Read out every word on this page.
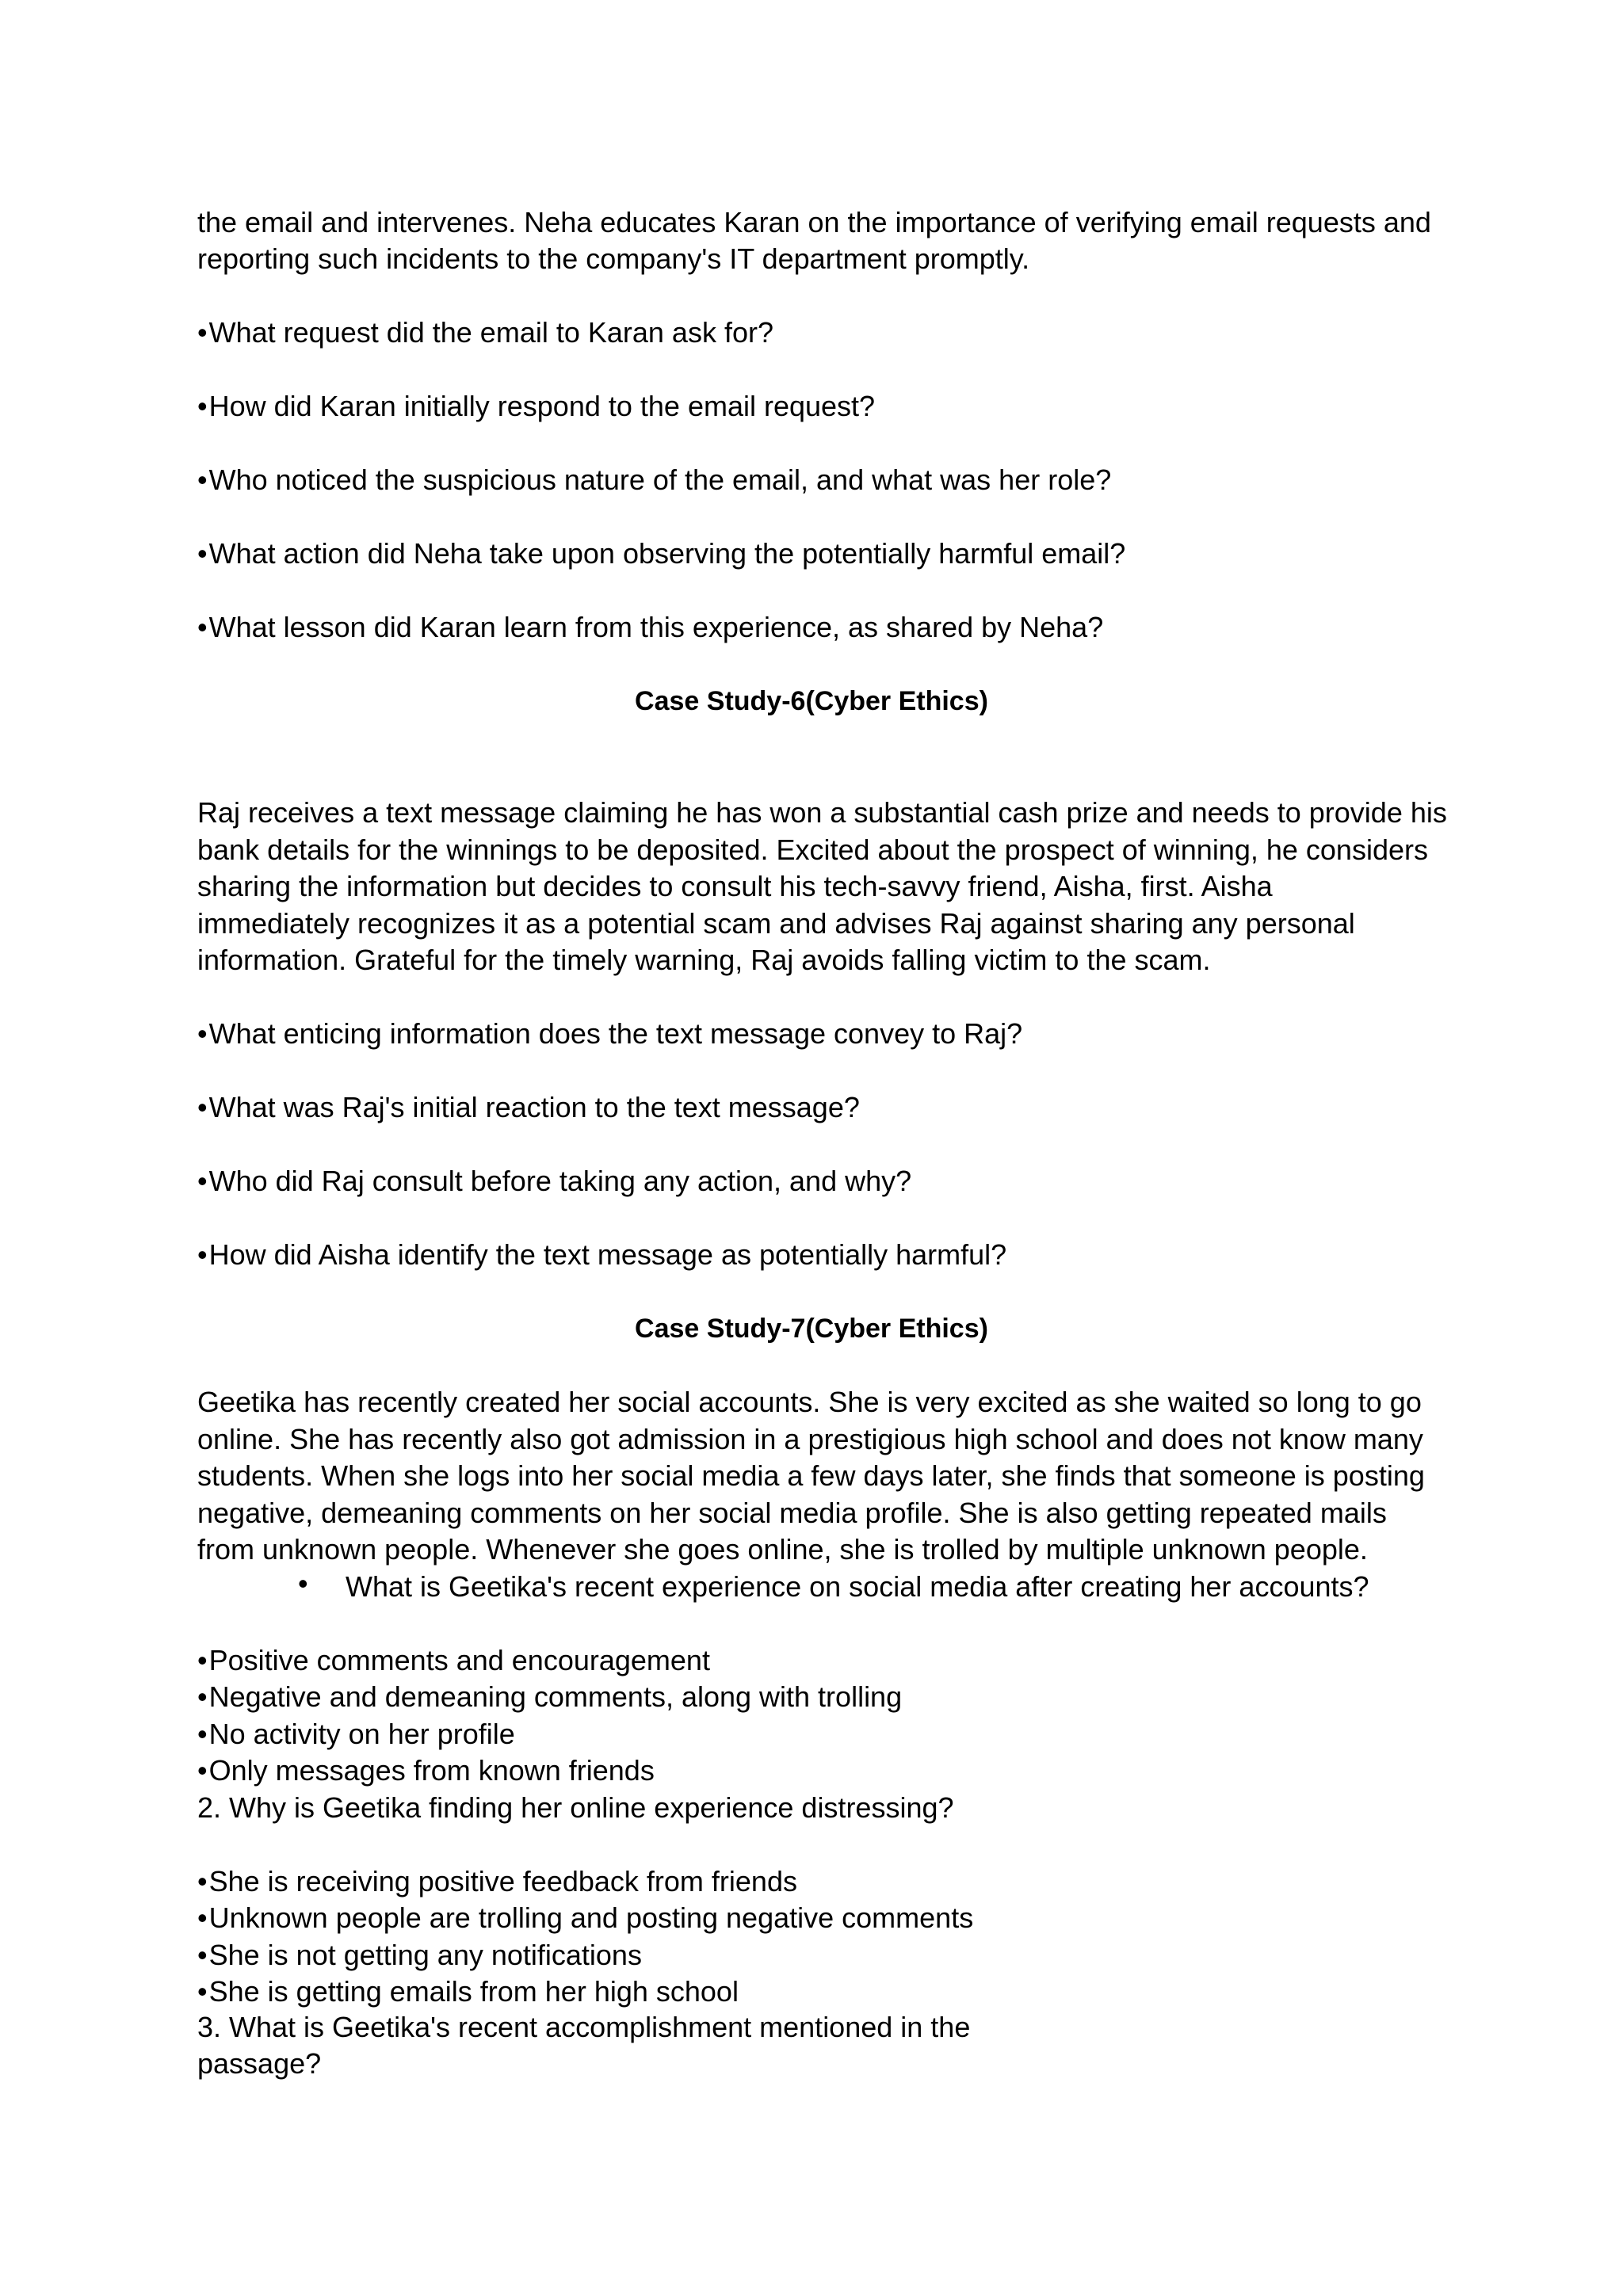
the email and intervenes. Neha educates Karan on the importance of verifying email requests and

reporting such incidents to the company's IT department promptly.

• What request did the email to Karan ask for?

• How did Karan initially respond to the email request?

• Who noticed the suspicious nature of the email, and what was her role?

• What action did Neha take upon observing the potentially harmful email?

• What lesson did Karan learn from this experience, as shared by Neha?

Case Study-6(Cyber Ethics)

Raj receives a text message claiming he has won a substantial cash prize and needs to provide his

bank details for the winnings to be deposited. Excited about the prospect of winning, he considers

sharing the information but decides to consult his tech-savvy friend, Aisha, first. Aisha

immediately recognizes it as a potential scam and advises Raj against sharing any personal

information. Grateful for the timely warning, Raj avoids falling victim to the scam.

• What enticing information does the text message convey to Raj?

• What was Raj's initial reaction to the text message?

• Who did Raj consult before taking any action, and why?

• How did Aisha identify the text message as potentially harmful?

Case Study-7(Cyber Ethics)

Geetika has recently created her social accounts. She is very excited as she waited so long to go

online. She has recently also got admission in a prestigious high school and does not know many

students. When she logs into her social media a few days later, she finds that someone is posting

negative, demeaning comments on her social media profile. She is also getting repeated mails

from unknown people. Whenever she goes online, she is trolled by multiple unknown people.

• What is Geetika's recent experience on social media after creating her accounts?

• Positive comments and encouragement

• Negative and demeaning comments, along with trolling

• No activity on her profile

• Only messages from known friends

2. Why is Geetika finding her online experience distressing?

• She is receiving positive feedback from friends

• Unknown people are trolling and posting negative comments

• She is not getting any notifications

• She is getting emails from her high school

3. What is Geetika's recent accomplishment mentioned in the

passage?
